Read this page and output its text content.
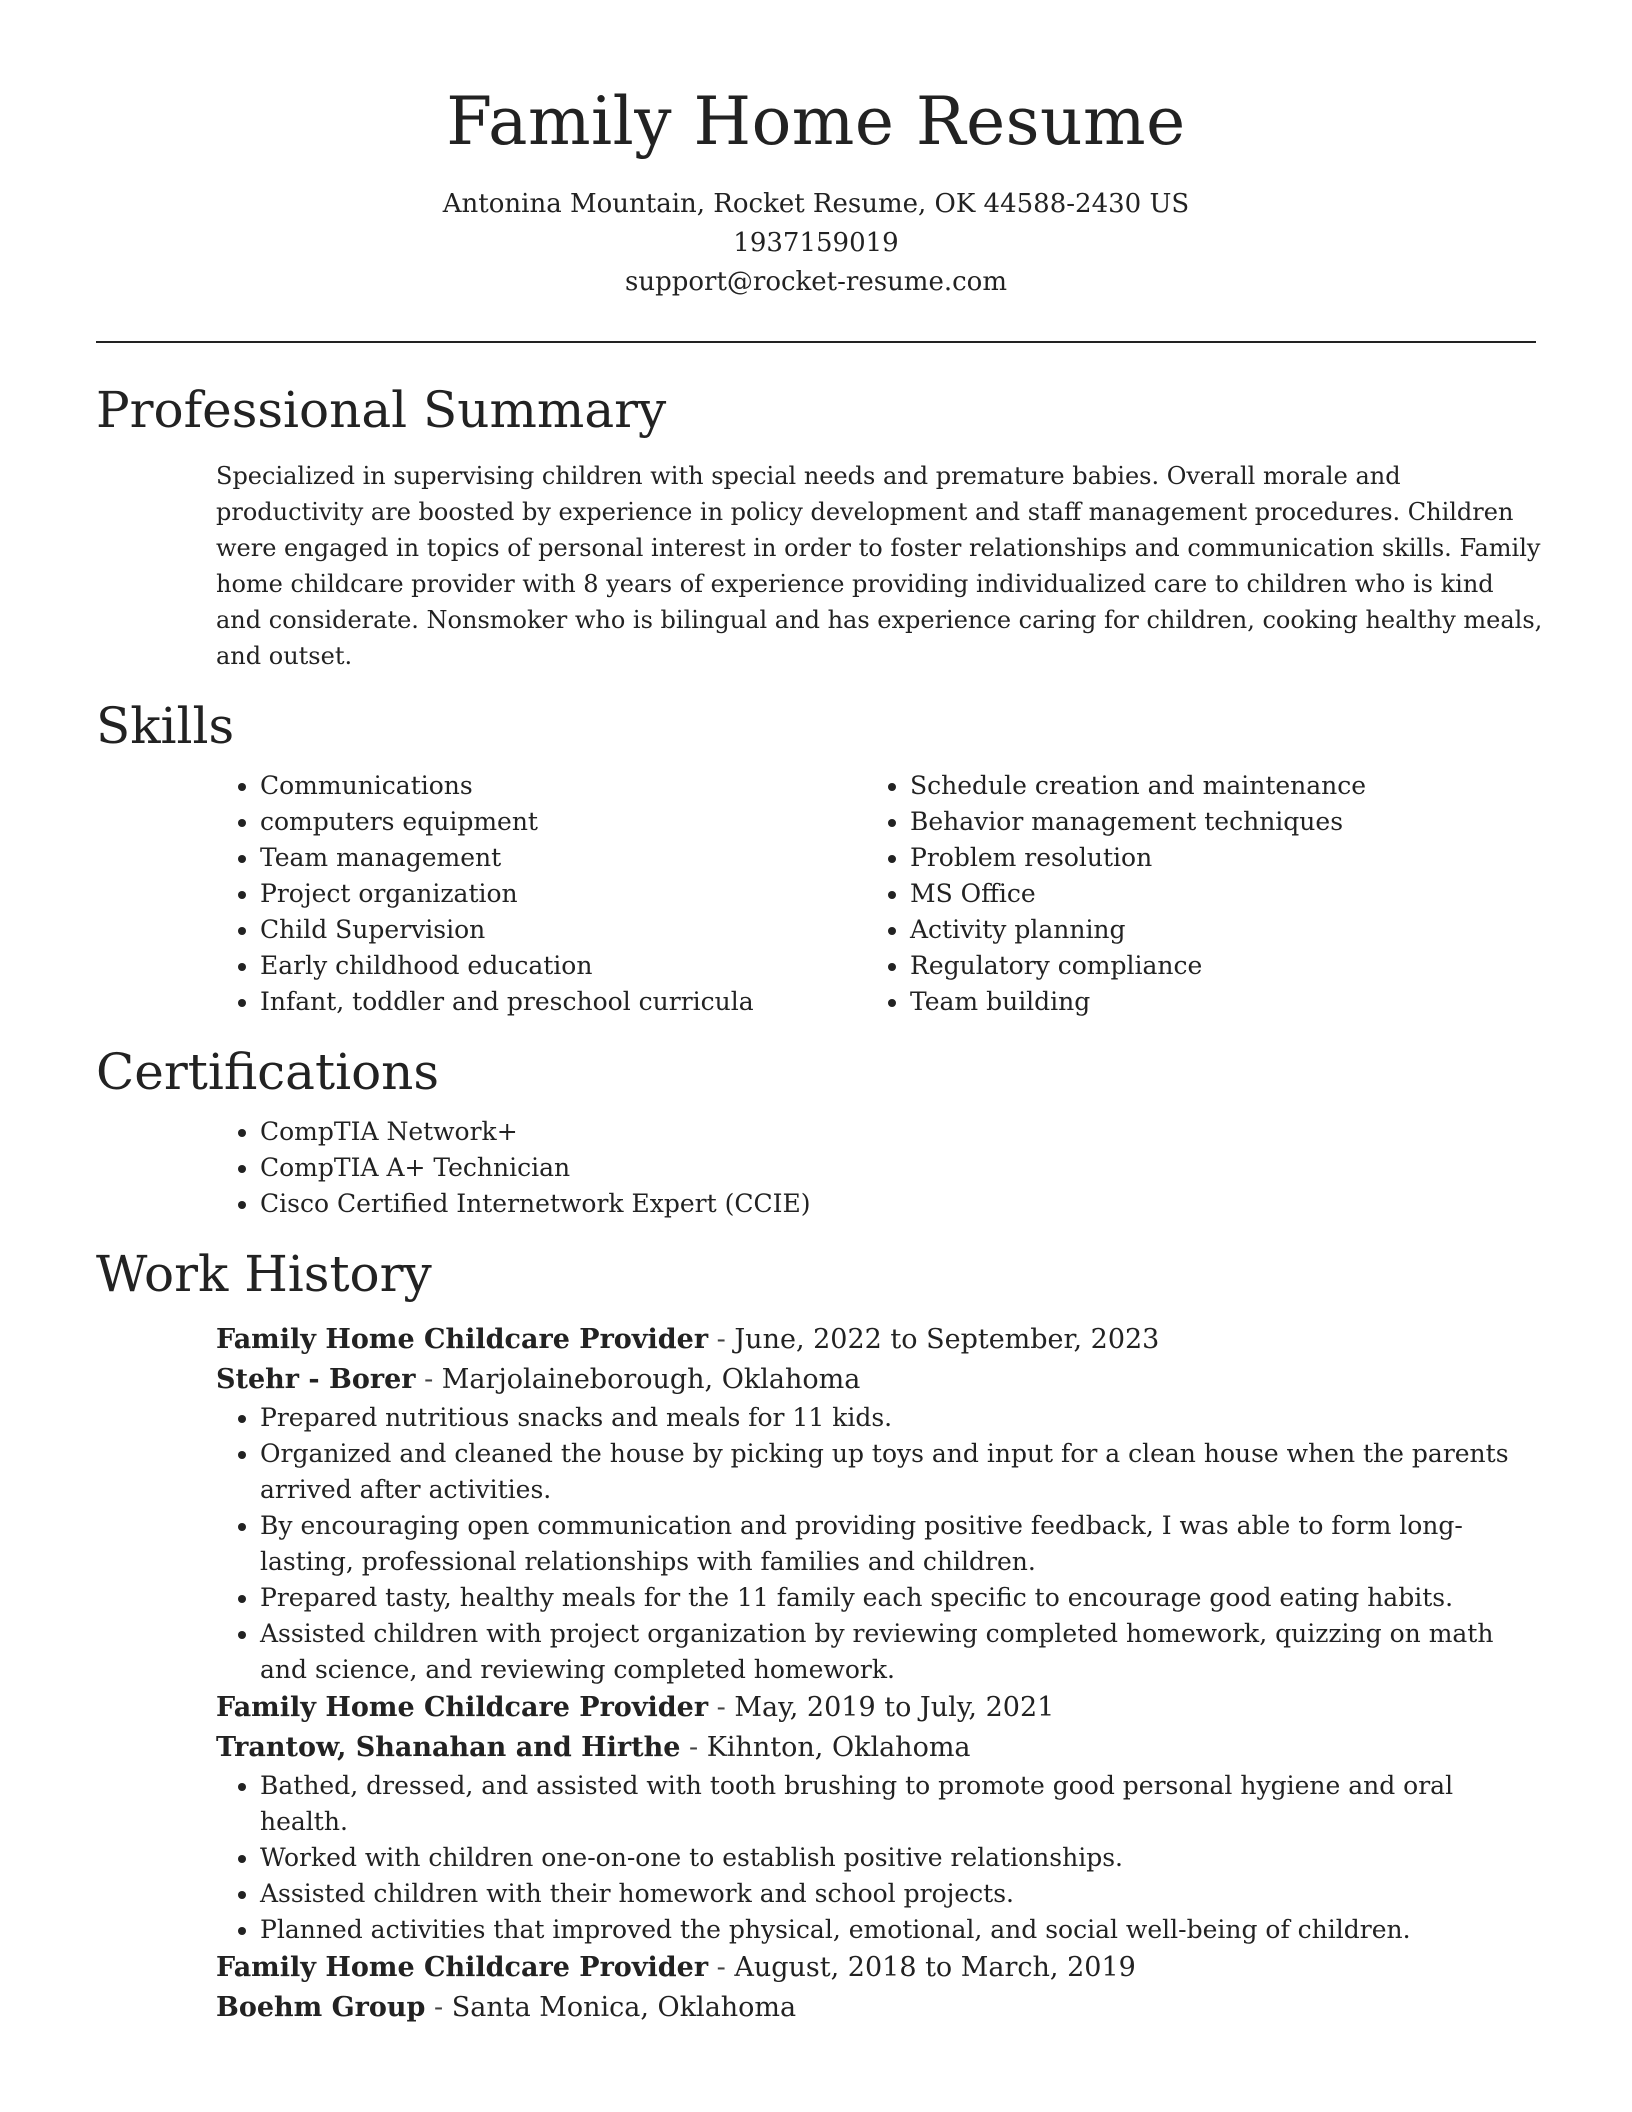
Family Home Resume
Antonina Mountain, Rocket Resume, OK 44588-2430 US
1937159019
support@rocket-resume.com
Professional Summary

Specialized in supervising children with special needs and premature babies. Overall morale and productivity are boosted by experience in policy development and staff management procedures. Children were engaged in topics of personal interest in order to foster relationships and communication skills. Family home childcare provider with 8 years of experience providing individualized care to children who is kind and considerate. Nonsmoker who is bilingual and has experience caring for children, cooking healthy meals, and outset.

Skills
• Communications
• computers equipment
• Team management
• Project organization
• Child Supervision
• Early childhood education
• Infant, toddler and preschool curricula
• Schedule creation and maintenance
• Behavior management techniques
• Problem resolution
• MS Office
• Activity planning
• Regulatory compliance
• Team building
Certifications
• CompTIA Network+
• CompTIA A+ Technician
• Cisco Certified Internetwork Expert (CCIE)
Work History
Family Home Childcare Provider - June, 2022 to September, 2023
Stehr - Borer - Marjolaineborough, Oklahoma
• Prepared nutritious snacks and meals for 11 kids.
• Organized and cleaned the house by picking up toys and input for a clean house when the parents arrived after activities.
• By encouraging open communication and providing positive feedback, I was able to form long-lasting, professional relationships with families and children.
• Prepared tasty, healthy meals for the 11 family each specific to encourage good eating habits.
• Assisted children with project organization by reviewing completed homework, quizzing on math and science, and reviewing completed homework.
Family Home Childcare Provider - May, 2019 to July, 2021
Trantow, Shanahan and Hirthe - Kihnton, Oklahoma
• Bathed, dressed, and assisted with tooth brushing to promote good personal hygiene and oral health.
• Worked with children one-on-one to establish positive relationships.
• Assisted children with their homework and school projects.
• Planned activities that improved the physical, emotional, and social well-being of children.
Family Home Childcare Provider - August, 2018 to March, 2019
Boehm Group - Santa Monica, Oklahoma
